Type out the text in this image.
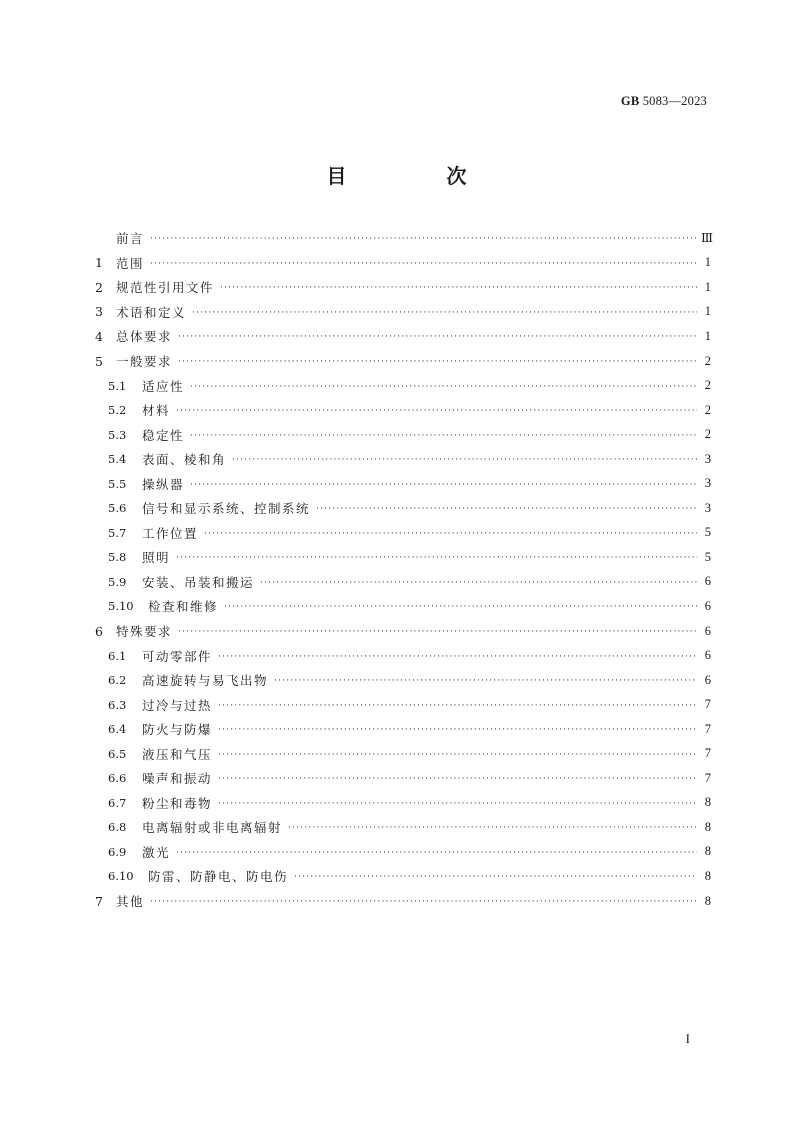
GB 5083—2023
目　次
前言 ·····	Ⅲ
1	范围 ·····	1
2	规范性引用文件 ·····	1
3	术语和定义 ·····	1
4	总体要求 ·····	1
5	一般要求 ·····	2
5.1	适应性 ·····	2
5.2	材料 ·····	2
5.3	稳定性 ·····	2
5.4	表面、棱和角 ·····	3
5.5	操纵器 ·····	3
5.6	信号和显示系统、控制系统 ·····	3
5.7	工作位置 ·····	5
5.8	照明 ·····	5
5.9	安装、吊装和搬运 ·····	6
5.10	检查和维修 ·····	6
6	特殊要求 ·····	6
6.1	可动零部件 ·····	6
6.2	高速旋转与易飞出物 ·····	6
6.3	过冷与过热 ·····	7
6.4	防火与防爆 ·····	7
6.5	液压和气压 ·····	7
6.6	噪声和振动 ·····	7
6.7	粉尘和毒物 ·····	8
6.8	电离辐射或非电离辐射 ·····	8
6.9	激光 ·····	8
6.10	防雷、防静电、防电伤 ·····	8
7	其他 ·····	8
I
